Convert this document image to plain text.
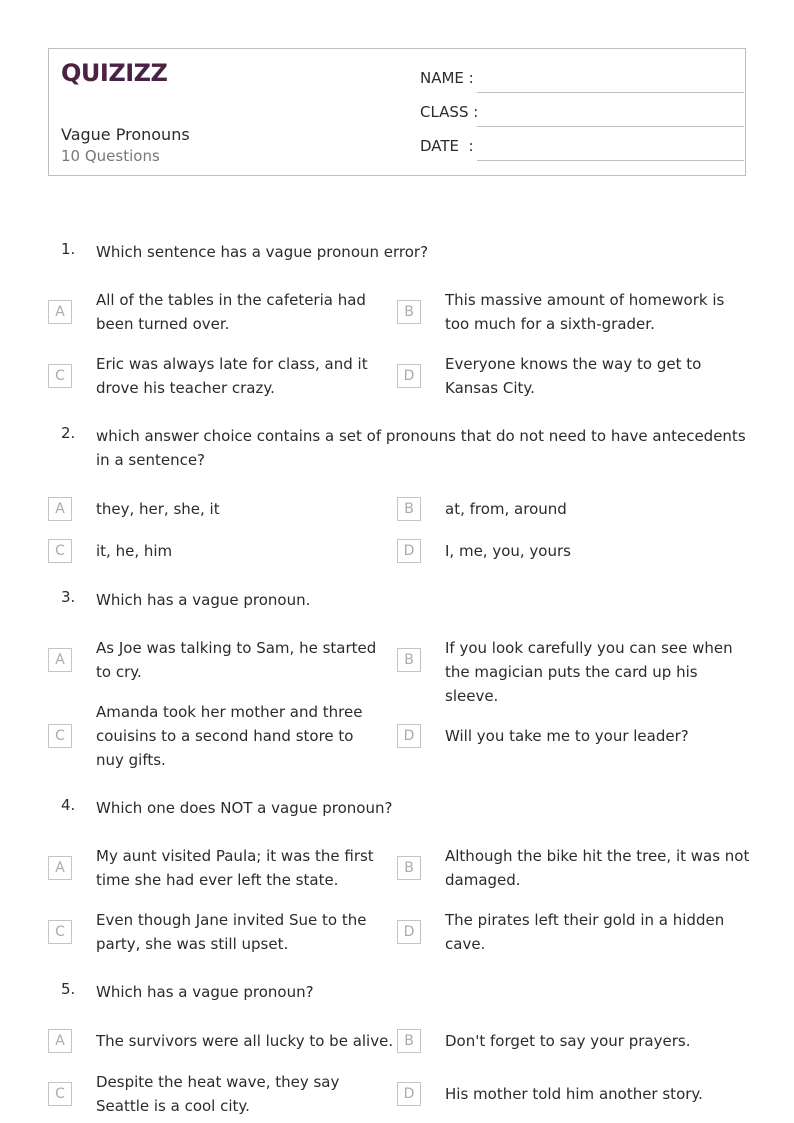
QUIZIZZ
Vague Pronouns
10 Questions
NAME :
CLASS :
DATE  :
1. Which sentence has a vague pronoun error?
A
All of the tables in the cafeteria had been turned over.
B
This massive amount of homework is too much for a sixth-grader.
C
Eric was always late for class, and it drove his teacher crazy.
D
Everyone knows the way to get to Kansas City.
2. which answer choice contains a set of pronouns that do not need to have antecedents in a sentence?
A	they, her, she, it	B	at, from, around
C	it, he, him	D	I, me, you, yours
3. Which has a vague pronoun.
A
As Joe was talking to Sam, he started to cry.
B
If you look carefully you can see when the magician puts the card up his sleeve.
C
Amanda took her mother and three couisins to a second hand store to nuy gifts.
D	Will you take me to your leader?
4. Which one does NOT a vague pronoun?
A
My aunt visited Paula; it was the first time she had ever left the state.
B
Although the bike hit the tree, it was not damaged.
C
Even though Jane invited Sue to the party, she was still upset.
D
The pirates left their gold in a hidden cave.
5. Which has a vague pronoun?
A	The survivors were all lucky to be alive. B	Don't forget to say your prayers.
C
Despite the heat wave, they say Seattle is a cool city.
D	His mother told him another story.
